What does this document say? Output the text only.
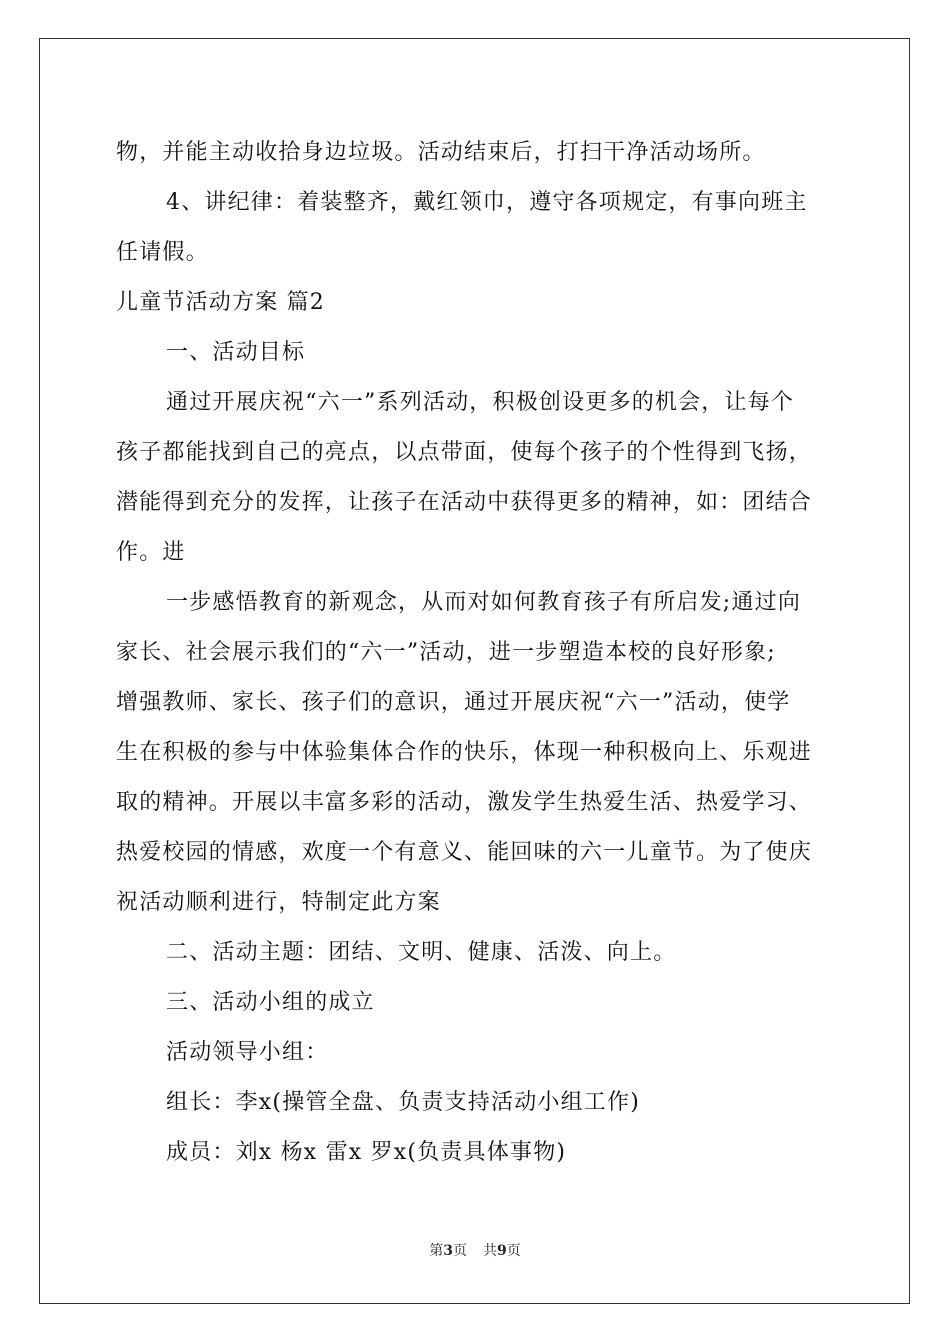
物，并能主动收拾身边垃圾。活动结束后，打扫干净活动场所。

4、讲纪律：着装整齐，戴红领巾，遵守各项规定，有事向班主

任请假。

儿童节活动方案 篇2

一、活动目标

通过开展庆祝“六一”系列活动，积极创设更多的机会，让每个

孩子都能找到自己的亮点，以点带面，使每个孩子的个性得到飞扬，

潜能得到充分的发挥，让孩子在活动中获得更多的精神，如：团结合

作。进

一步感悟教育的新观念，从而对如何教育孩子有所启发;通过向

家长、社会展示我们的“六一”活动，进一步塑造本校的良好形象;

增强教师、家长、孩子们的意识，通过开展庆祝“六一”活动，使学

生在积极的参与中体验集体合作的快乐，体现一种积极向上、乐观进

取的精神。开展以丰富多彩的活动，激发学生热爱生活、热爱学习、

热爱校园的情感，欢度一个有意义、能回味的六一儿童节。为了使庆

祝活动顺利进行，特制定此方案

二、活动主题：团结、文明、健康、活泼、向上。

三、活动小组的成立

活动领导小组：

组长：李x(操管全盘、负责支持活动小组工作)

成员：刘x 杨x 雷x 罗x(负责具体事物)

第3页 共9页
